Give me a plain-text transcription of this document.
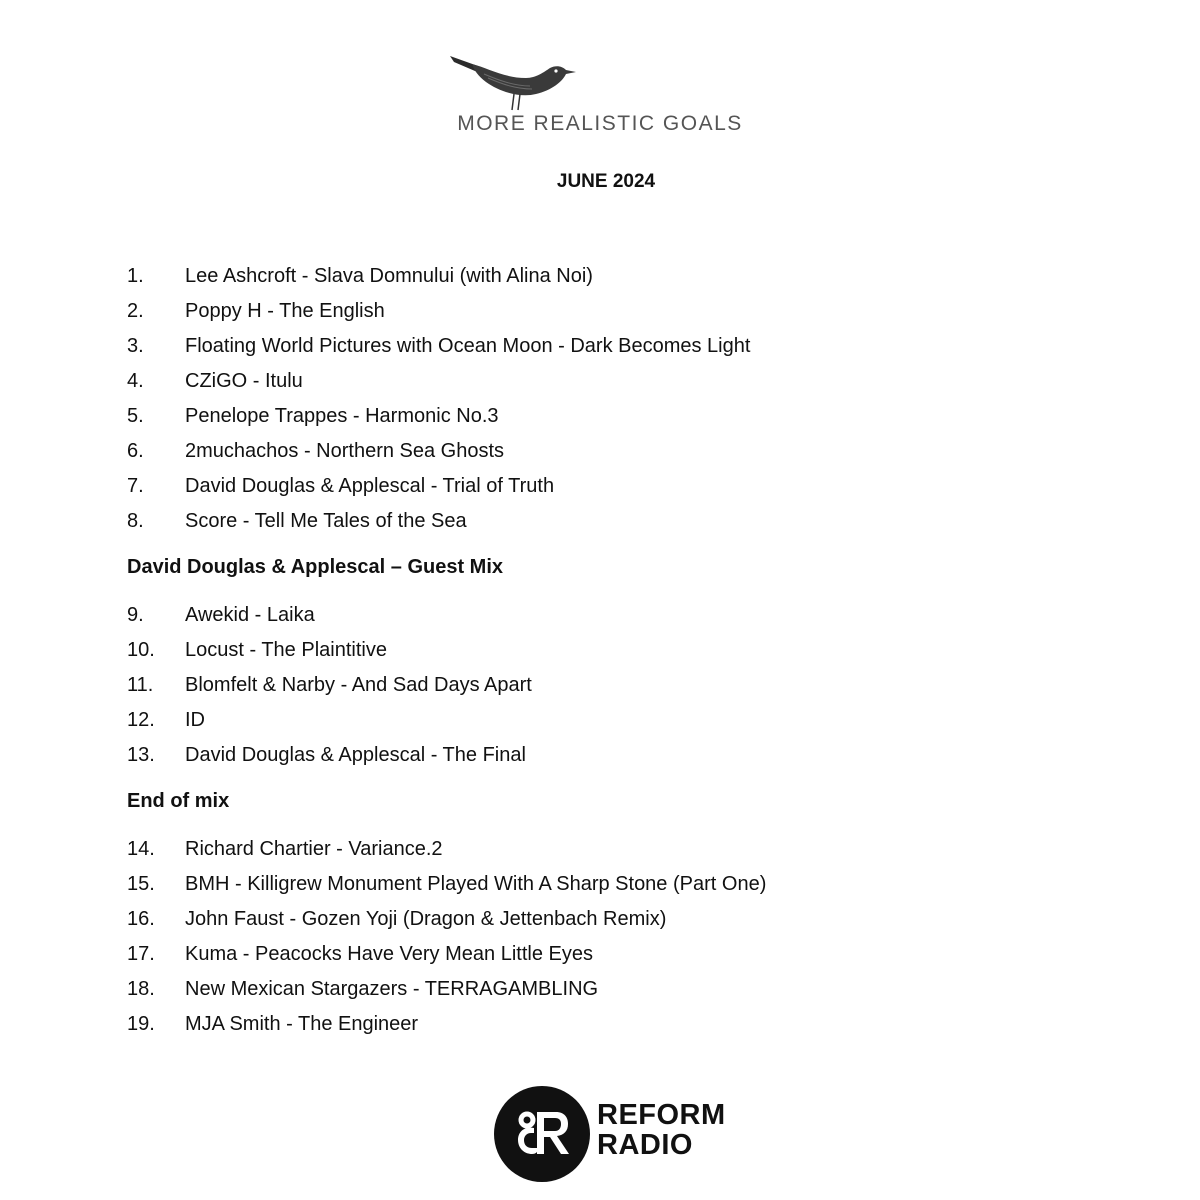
MORE REALISTIC GOALS
JUNE 2024
1.	Lee Ashcroft - Slava Domnului (with Alina Noi)
2.	Poppy H - The English
3.	Floating World Pictures with Ocean Moon - Dark Becomes Light
4.	CZiGO - Itulu
5.	Penelope Trappes - Harmonic No.3
6.	2muchachos - Northern Sea Ghosts
7.	David Douglas & Applescal - Trial of Truth
8.	Score - Tell Me Tales of the Sea
David Douglas & Applescal – Guest Mix
9.	Awekid - Laika
10.	Locust - The Plaintitive
11.	Blomfelt & Narby - And Sad Days Apart
12.	ID
13.	David Douglas & Applescal - The Final
End of mix
14.	Richard Chartier - Variance.2
15.	BMH - Killigrew Monument Played With A Sharp Stone (Part One)
16.	John Faust - Gozen Yoji (Dragon & Jettenbach Remix)
17.	Kuma - Peacocks Have Very Mean Little Eyes
18.	New Mexican Stargazers - TERRAGAMBLING
19.	MJA Smith - The Engineer
REFORM
RADIO
